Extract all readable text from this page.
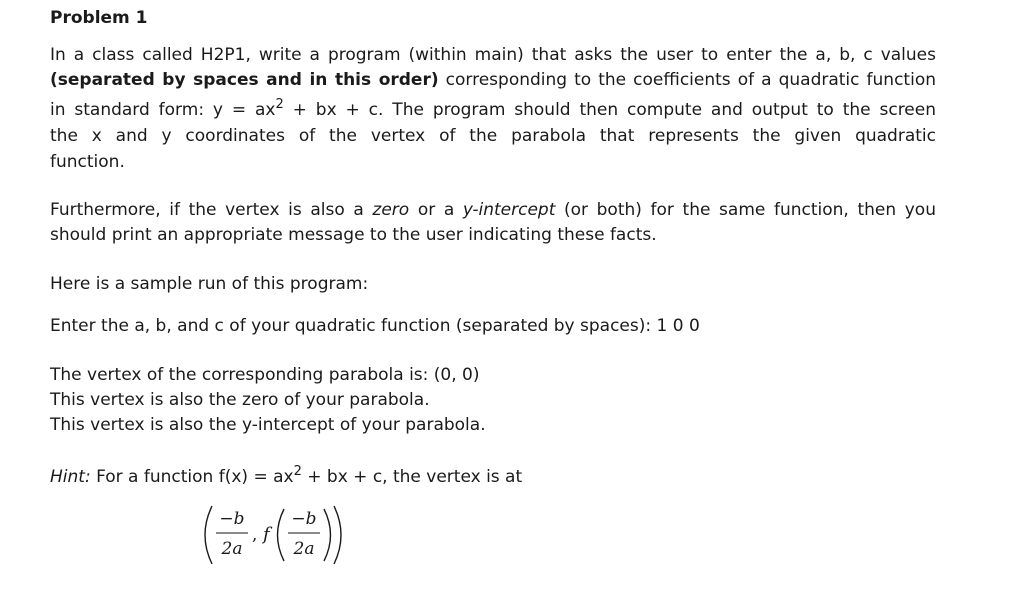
Problem 1
In a class called H2P1, write a program (within main) that asks the user to enter the a, b, c values
(separated by spaces and in this order) corresponding to the coefficients of a quadratic function
in standard form: $y = ax^2$ + bx + c. The program should then compute and output to the screen
the x and y coordinates of the vertex of the parabola that represents the given quadratic
function.
Furthermore, if the vertex is also a zero or a y-intercept (or both) for the same function, then you
should print an appropriate message to the user indicating these facts.
Here is a sample run of this program:
Enter the a, b, and c of your quadratic function (separated by spaces): 1 0 0
The vertex of the corresponding parabola is: (0, 0)
This vertex is also the zero of your parabola.
This vertex is also the y-intercept of your parabola.
Hint: For a function $f(x) = ax^2$ + bx + c, the vertex is at
−b
2a
, f
−b
2a
